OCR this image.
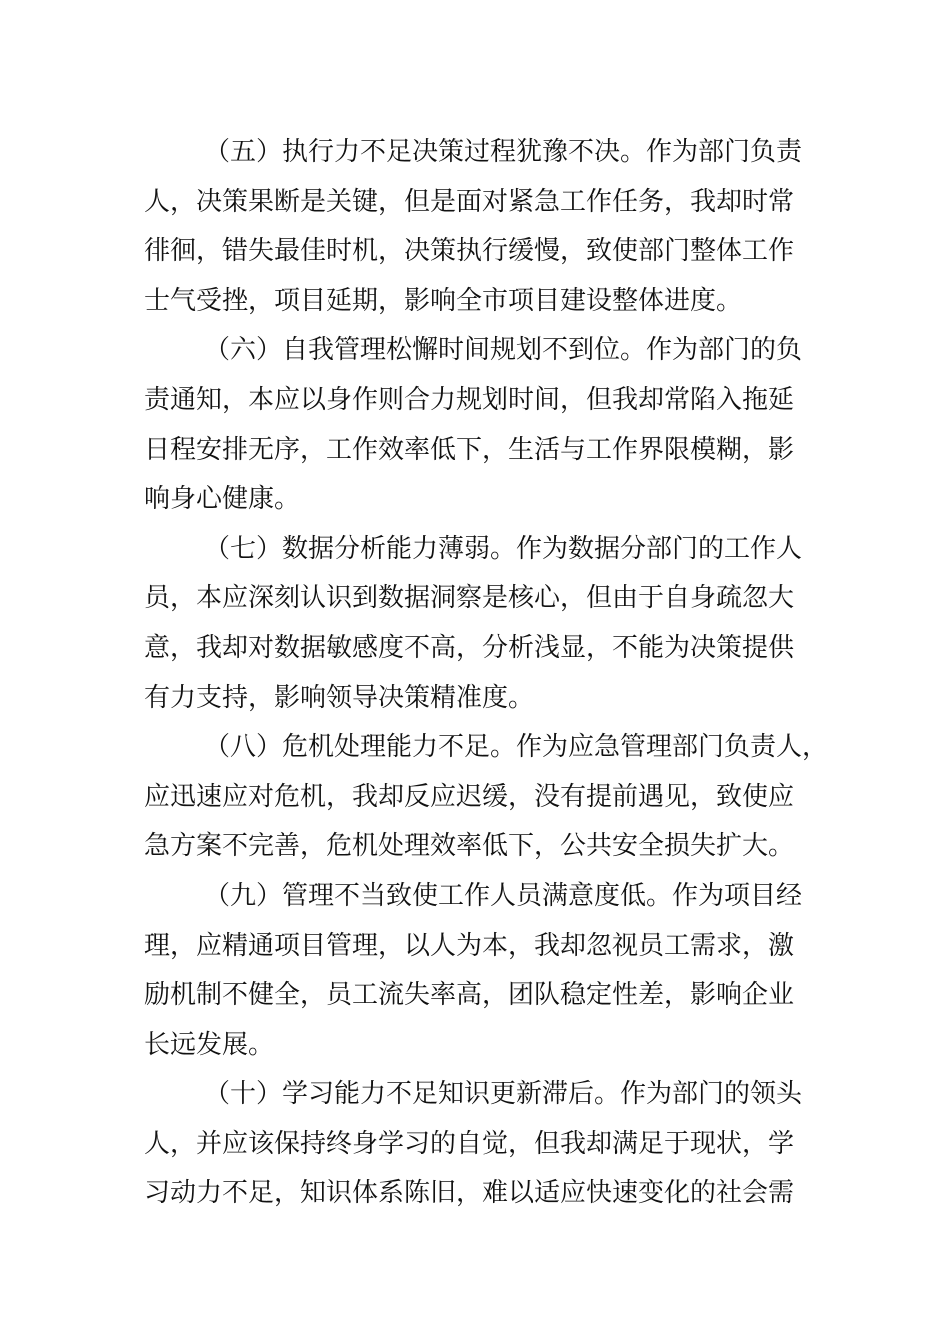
（五）执行力不足决策过程犹豫不决。作为部门负责
人，决策果断是关键，但是面对紧急工作任务，我却时常
徘徊，错失最佳时机，决策执行缓慢，致使部门整体工作
士气受挫，项目延期，影响全市项目建设整体进度。
（六）自我管理松懈时间规划不到位。作为部门的负
责通知，本应以身作则合力规划时间，但我却常陷入拖延
日程安排无序，工作效率低下，生活与工作界限模糊，影
响身心健康。
（七）数据分析能力薄弱。作为数据分部门的工作人
员，本应深刻认识到数据洞察是核心，但由于自身疏忽大
意，我却对数据敏感度不高，分析浅显，不能为决策提供
有力支持，影响领导决策精准度。
（八）危机处理能力不足。作为应急管理部门负责人，
应迅速应对危机，我却反应迟缓，没有提前遇见，致使应
急方案不完善，危机处理效率低下，公共安全损失扩大。
（九）管理不当致使工作人员满意度低。作为项目经
理，应精通项目管理，以人为本，我却忽视员工需求，激
励机制不健全，员工流失率高，团队稳定性差，影响企业
长远发展。
（十）学习能力不足知识更新滞后。作为部门的领头
人，并应该保持终身学习的自觉，但我却满足于现状，学
习动力不足，知识体系陈旧，难以适应快速变化的社会需
